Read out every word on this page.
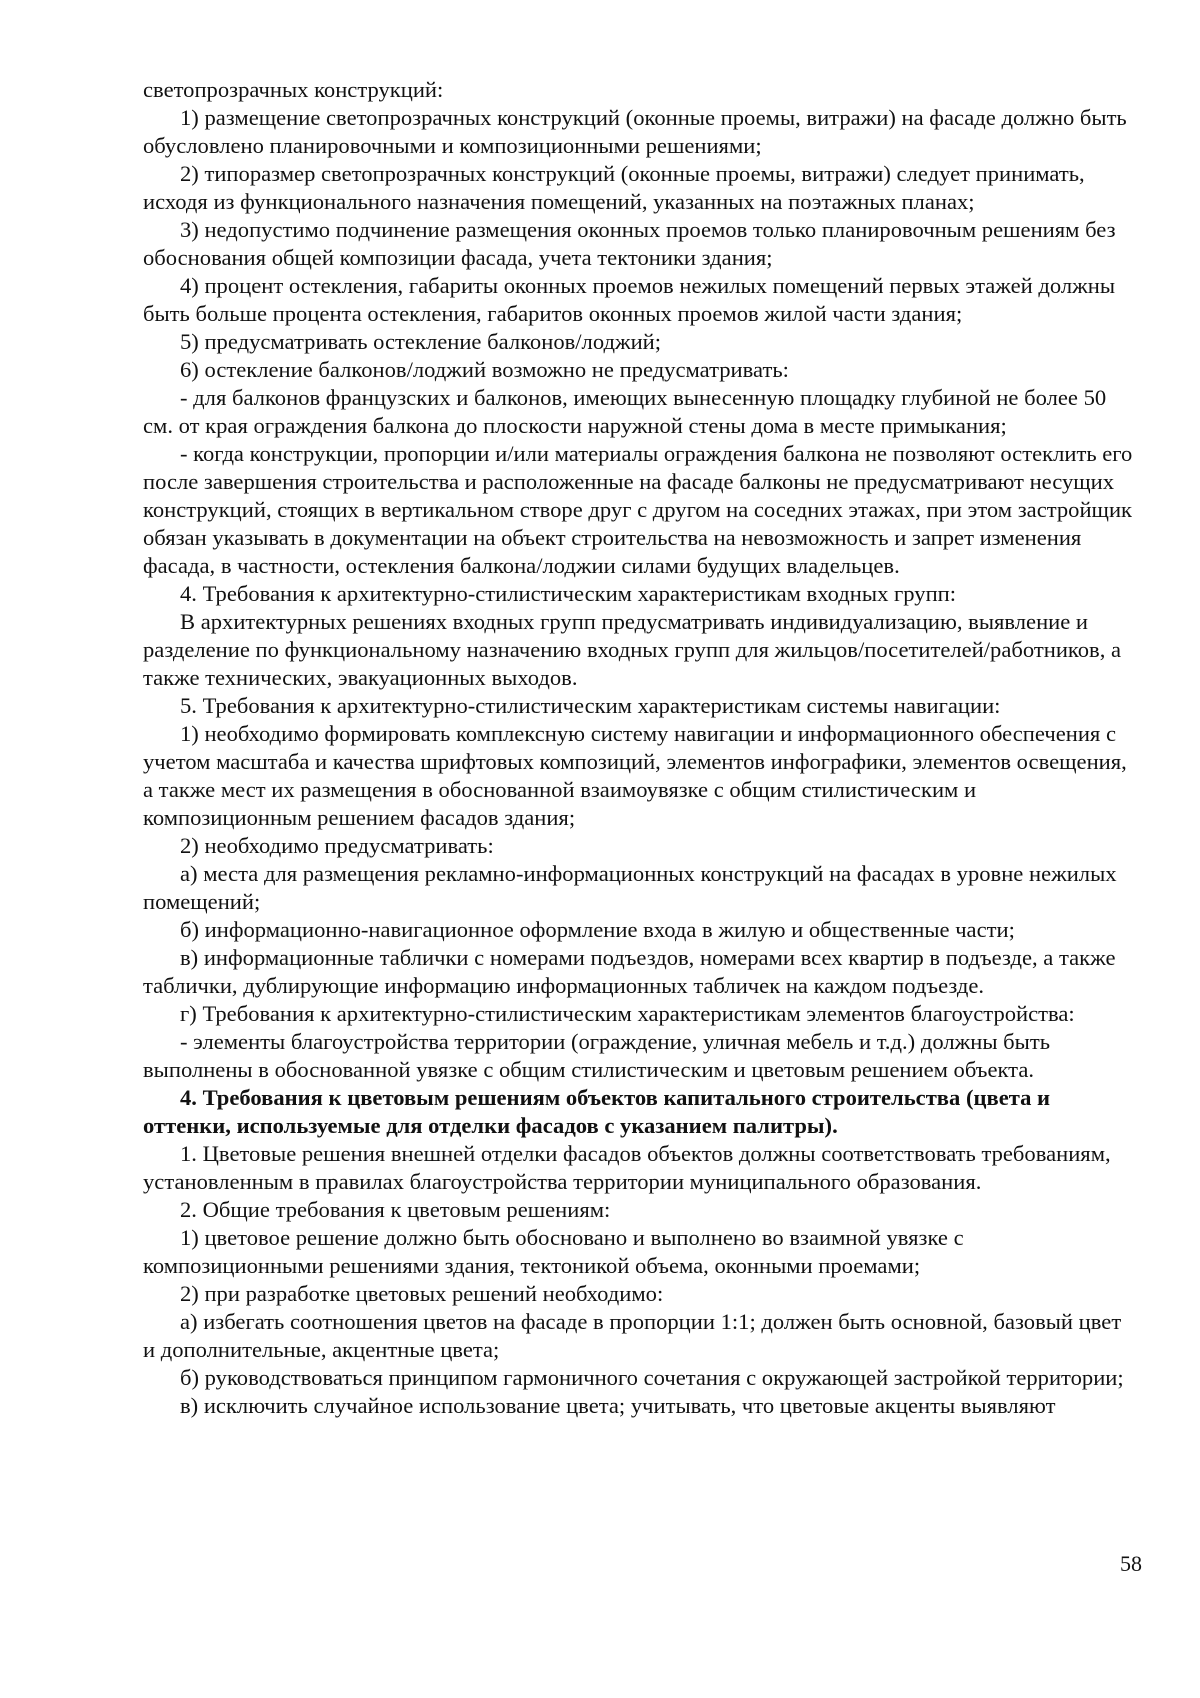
светопрозрачных конструкций:

1) размещение светопрозрачных конструкций (оконные проемы, витражи) на фасаде должно быть обусловлено планировочными и композиционными решениями;

2) типоразмер светопрозрачных конструкций (оконные проемы, витражи) следует принимать, исходя из функционального назначения помещений, указанных на поэтажных планах;

3) недопустимо подчинение размещения оконных проемов только планировочным решениям без обоснования общей композиции фасада, учета тектоники здания;

4) процент остекления, габариты оконных проемов нежилых помещений первых этажей должны быть больше процента остекления, габаритов оконных проемов жилой части здания;

5) предусматривать остекление балконов/лоджий;

6) остекление балконов/лоджий возможно не предусматривать:

- для балконов французских и балконов, имеющих вынесенную площадку глубиной не более 50 см. от края ограждения балкона до плоскости наружной стены дома в месте примыкания;

- когда конструкции, пропорции и/или материалы ограждения балкона не позволяют остеклить его после завершения строительства и расположенные на фасаде балконы не предусматривают несущих конструкций, стоящих в вертикальном створе друг с другом на соседних этажах, при этом застройщик обязан указывать в документации на объект строительства на невозможность и запрет изменения фасада, в частности, остекления балкона/лоджии силами будущих владельцев.

4. Требования к архитектурно-стилистическим характеристикам входных групп:

В архитектурных решениях входных групп предусматривать индивидуализацию, выявление и разделение по функциональному назначению входных групп для жильцов/посетителей/работников, а также технических, эвакуационных выходов.

5. Требования к архитектурно-стилистическим характеристикам системы навигации:

1) необходимо формировать комплексную систему навигации и информационного обеспечения с учетом масштаба и качества шрифтовых композиций, элементов инфографики, элементов освещения, а также мест их размещения в обоснованной взаимоувязке с общим стилистическим и композиционным решением фасадов здания;

2) необходимо предусматривать:

а) места для размещения рекламно-информационных конструкций на фасадах в уровне нежилых помещений;

б) информационно-навигационное оформление входа в жилую и общественные части;

в) информационные таблички с номерами подъездов, номерами всех квартир в подъезде, а также таблички, дублирующие информацию информационных табличек на каждом подъезде.

г) Требования к архитектурно-стилистическим характеристикам элементов благоустройства:

- элементы благоустройства территории (ограждение, уличная мебель и т.д.) должны быть выполнены в обоснованной увязке с общим стилистическим и цветовым решением объекта.

4. Требования к цветовым решениям объектов капитального строительства (цвета и оттенки, используемые для отделки фасадов с указанием палитры).

1. Цветовые решения внешней отделки фасадов объектов должны соответствовать требованиям, установленным в правилах благоустройства территории муниципального образования.

2. Общие требования к цветовым решениям:

1) цветовое решение должно быть обосновано и выполнено во взаимной увязке с композиционными решениями здания, тектоникой объема, оконными проемами;

2) при разработке цветовых решений необходимо:

а) избегать соотношения цветов на фасаде в пропорции 1:1; должен быть основной, базовый цвет и дополнительные, акцентные цвета;

б) руководствоваться принципом гармоничного сочетания с окружающей застройкой территории;

в) исключить случайное использование цвета; учитывать, что цветовые акценты выявляют

58
